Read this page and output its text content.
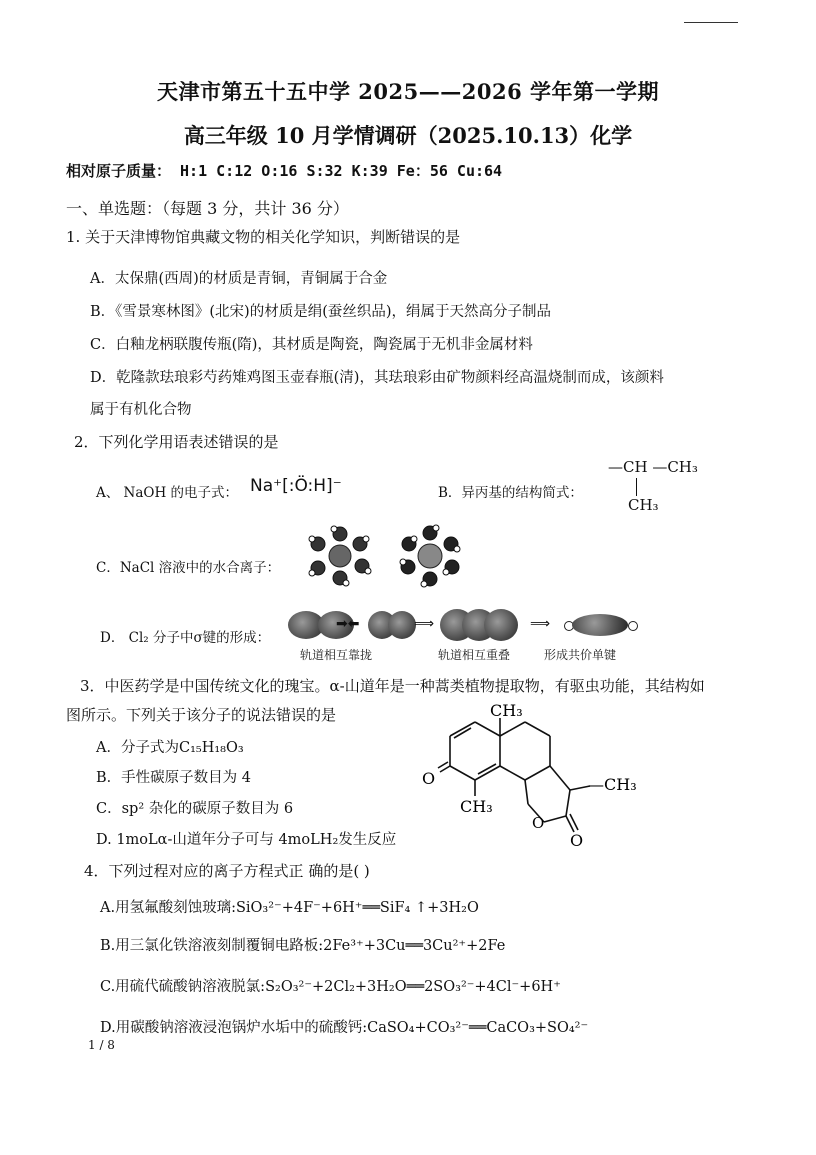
天津市第五十五中学 2025——2026 学年第一学期
高三年级 10 月学情调研（2025.10.13）化学
相对原子质量： H:1 C:12 O:16 S:32 K:39 Fe：56 Cu:64
一、单选题：（每题 3 分，共计 36 分）
1. 关于天津博物馆典藏文物的相关化学知识，判断错误的是
A．太保鼎(西周)的材质是青铜，青铜属于合金
B．《雪景寒林图》(北宋)的材质是绢(蚕丝织品)，绢属于天然高分子制品
C．白釉龙柄联腹传瓶(隋)，其材质是陶瓷，陶瓷属于无机非金属材料
D．乾隆款珐琅彩芍药雉鸡图玉壶春瓶(清)，其珐琅彩由矿物颜料经高温烧制而成，该颜料
属于有机化合物
2．下列化学用语表述错误的是
A、 NaOH 的电子式： Na⁺[:Ö:H]⁻	B．异丙基的结构简式：
—CH —CH₃
CH₃
C．NaCl 溶液中的水合离子：
D． Cl₂ 分子中σ键的形成：
➡⬅	⟹	⟹
轨道相互靠拢	轨道相互重叠	形成共价单键
3．中医药学是中国传统文化的瑰宝。α-山道年是一种蒿类植物提取物，有驱虫功能，其结构如
图所示。下列关于该分子的说法错误的是
A．分子式为C₁₅H₁₈O₃
B．手性碳原子数目为 4
C．sp² 杂化的碳原子数目为 6
D. 1moLα-山道年分子可与 4moLH₂发生反应
CH₃
O
CH₃
O
O
—CH₃
4．下列过程对应的离子方程式正 确的是( )
A.用氢氟酸刻蚀玻璃:SiO₃²⁻+4F⁻+6H⁺══SiF₄ ↑+3H₂O
B.用三氯化铁溶液刻制覆铜电路板:2Fe³⁺+3Cu══3Cu²⁺+2Fe
C.用硫代硫酸钠溶液脱氯:S₂O₃²⁻+2Cl₂+3H₂O══2SO₃²⁻+4Cl⁻+6H⁺
D.用碳酸钠溶液浸泡锅炉水垢中的硫酸钙:CaSO₄+CO₃²⁻══CaCO₃+SO₄²⁻
1 / 8
